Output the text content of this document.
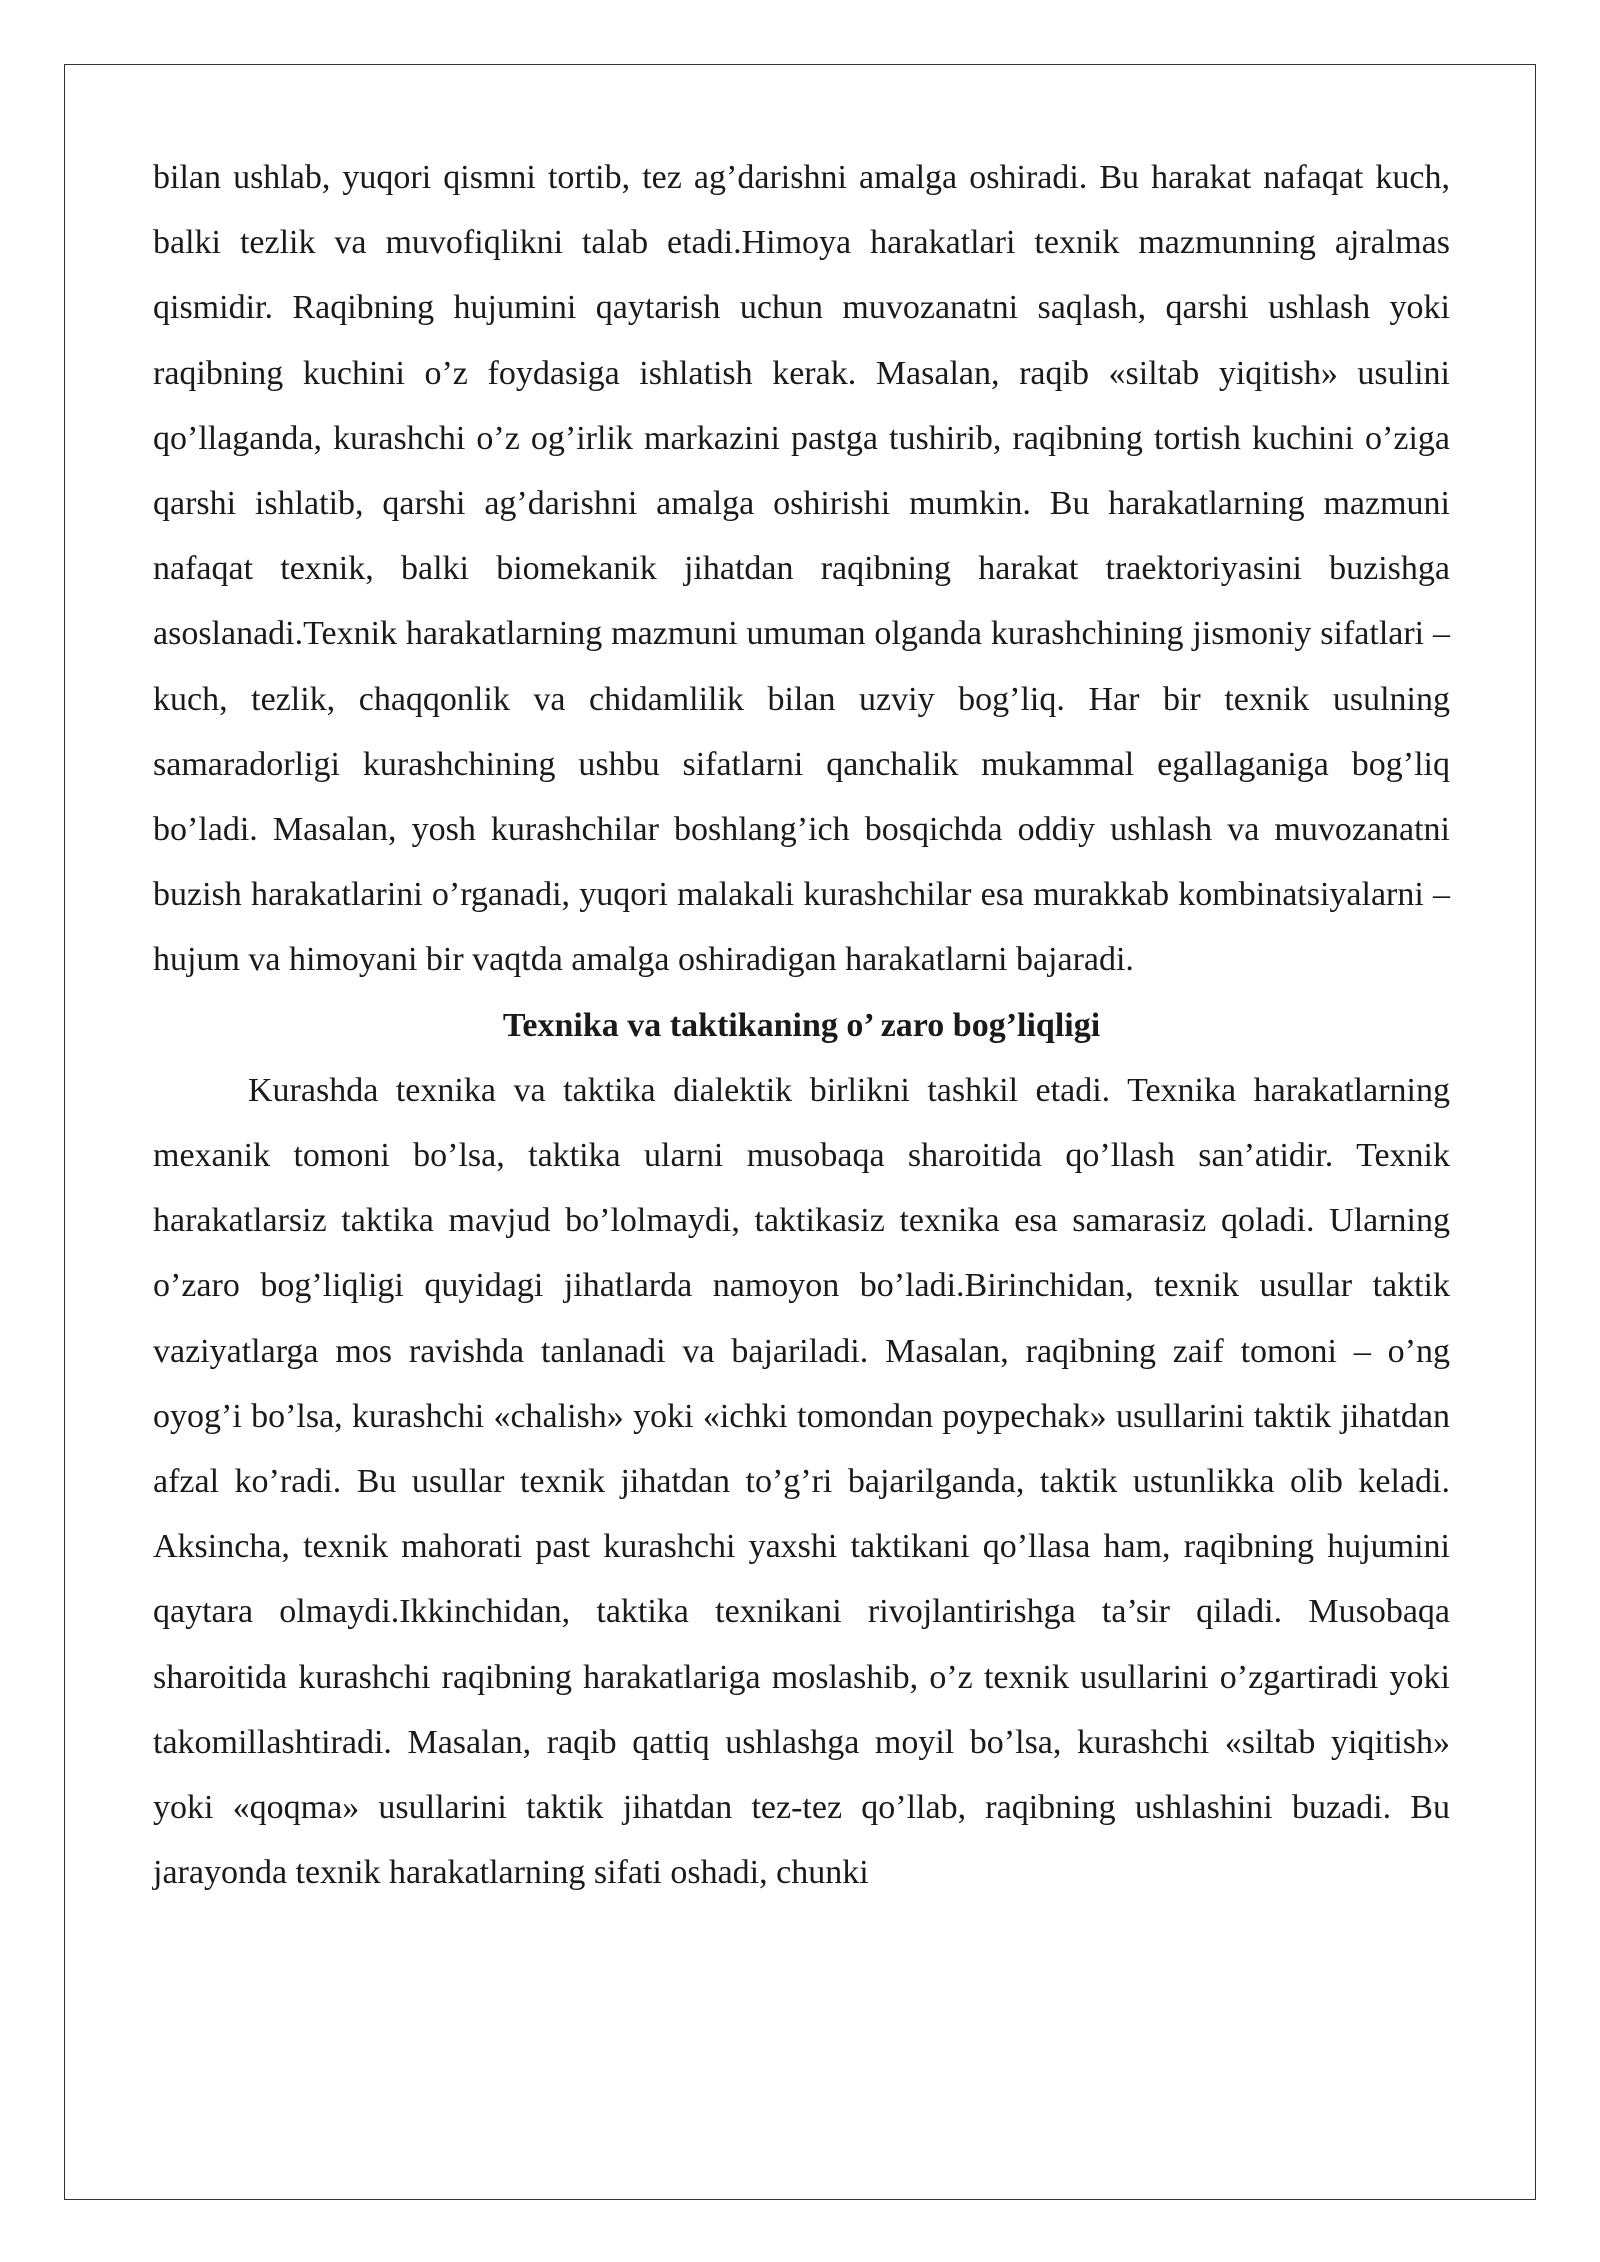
bilan ushlab, yuqori qismni tortib, tez ag’darishni amalga oshiradi. Bu harakat nafaqat kuch, balki tezlik va muvofiqlikni talab etadi.Himoya harakatlari texnik mazmunning ajralmas qismidir. Raqibning hujumini qaytarish uchun muvozanatni saqlash, qarshi ushlash yoki raqibning kuchini o’z foydasiga ishlatish kerak. Masalan, raqib «siltab yiqitish» usulini qo’llaganda, kurashchi o’z og’irlik markazini pastga tushirib, raqibning tortish kuchini o’ziga qarshi ishlatib, qarshi ag’darishni amalga oshirishi mumkin. Bu harakatlarning mazmuni nafaqat texnik, balki biomekanik jihatdan raqibning harakat traektoriyasini buzishga asoslanadi.Texnik harakatlarning mazmuni umuman olganda kurashchining jismoniy sifatlari – kuch, tezlik, chaqqonlik va chidamlilik bilan uzviy bog’liq. Har bir texnik usulning samaradorligi kurashchining ushbu sifatlarni qanchalik mukammal egallaganiga bog’liq bo’ladi. Masalan, yosh kurashchilar boshlang’ich bosqichda oddiy ushlash va muvozanatni buzish harakatlarini o’rganadi, yuqori malakali kurashchilar esa murakkab kombinatsiyalarni – hujum va himoyani bir vaqtda amalga oshiradigan harakatlarni bajaradi.

Texnika va taktikaning o’ zaro bog’liqligi

Kurashda texnika va taktika dialektik birlikni tashkil etadi. Texnika harakatlarning mexanik tomoni bo’lsa, taktika ularni musobaqa sharoitida qo’llash san’atidir. Texnik harakatlarsiz taktika mavjud bo’lolmaydi, taktikasiz texnika esa samarasiz qoladi. Ularning o’zaro bog’liqligi quyidagi jihatlarda namoyon bo’ladi.Birinchidan, texnik usullar taktik vaziyatlarga mos ravishda tanlanadi va bajariladi. Masalan, raqibning zaif tomoni – o’ng oyog’i bo’lsa, kurashchi «chalish» yoki «ichki tomondan poypechak» usullarini taktik jihatdan afzal ko’radi. Bu usullar texnik jihatdan to’g’ri bajarilganda, taktik ustunlikka olib keladi. Aksincha, texnik mahorati past kurashchi yaxshi taktikani qo’llasa ham, raqibning hujumini qaytara olmaydi.Ikkinchidan, taktika texnikani rivojlantirishga ta’sir qiladi. Musobaqa sharoitida kurashchi raqibning harakatlariga moslashib, o’z texnik usullarini o’zgartiradi yoki takomillashtiradi. Masalan, raqib qattiq ushlashga moyil bo’lsa, kurashchi «siltab yiqitish» yoki «qoqma» usullarini taktik jihatdan tez-tez qo’llab, raqibning ushlashini buzadi. Bu jarayonda texnik harakatlarning sifati oshadi, chunki
